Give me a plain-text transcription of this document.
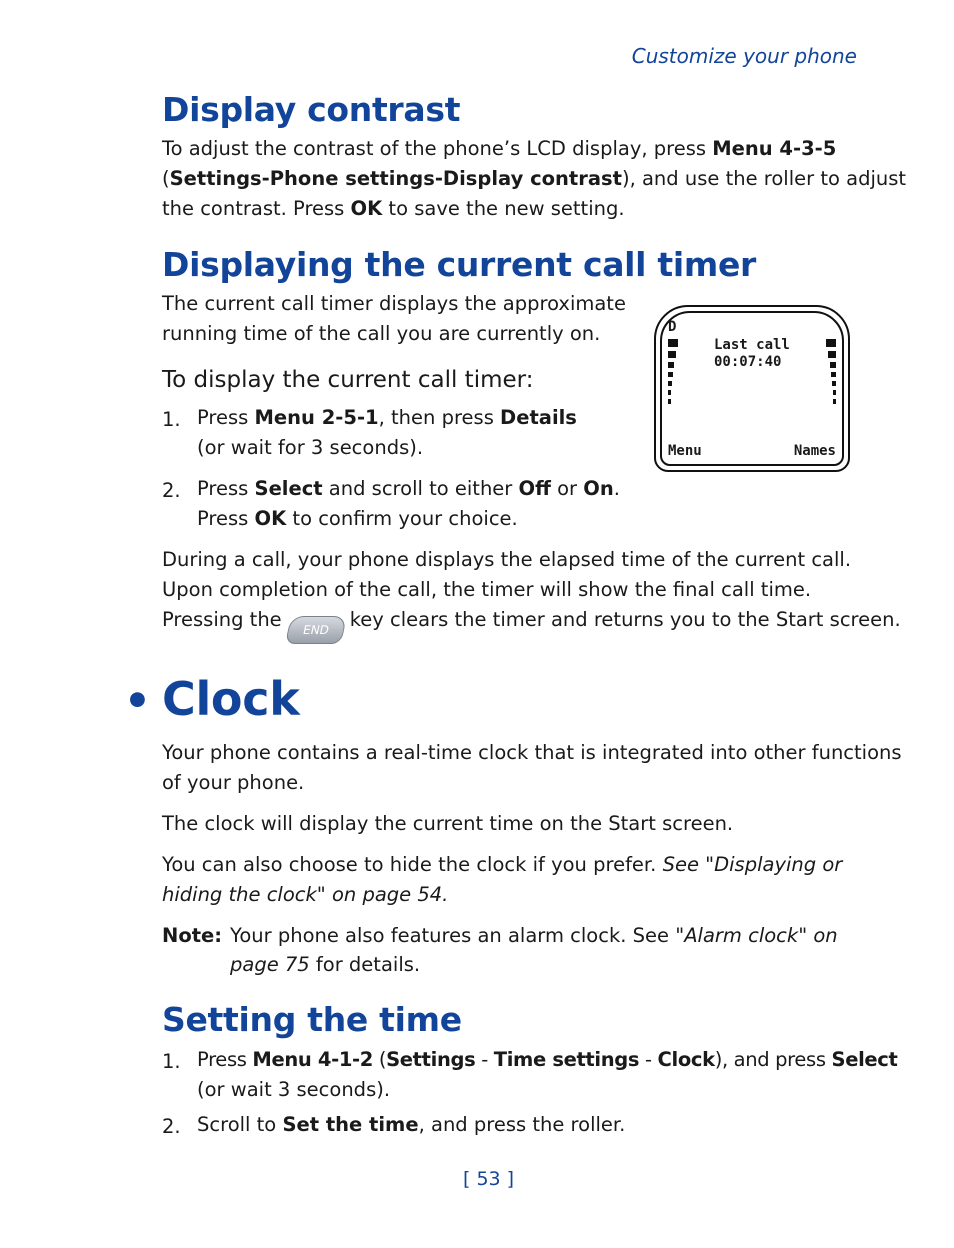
Customize your phone
Display contrast

To adjust the contrast of the phone’s LCD display, press Menu 4-3-5

(Settings-Phone settings-Display contrast), and use the roller to adjust

the contrast. Press OK to save the new setting.

Displaying the current call timer

The current call timer displays the approximate

running time of the call you are currently on.

To display the current call timer:
1. Press Menu 2-5-1, then press Details

(or wait for 3 seconds).

2. Press Select and scroll to either Off or On.

Press OK to confirm your choice.

D
Last call
00:07:40
Menu	Names

During a call, your phone displays the elapsed time of the current call.

Upon completion of the call, the timer will show the final call time.

Pressing the END key clears the timer and returns you to the Start screen.

• Clock

Your phone contains a real-time clock that is integrated into other functions

of your phone.

The clock will display the current time on the Start screen.

You can also choose to hide the clock if you prefer. See "Displaying or

hiding the clock" on page 54.

Note: Your phone also features an alarm clock. See "Alarm clock" on

page 75 for details.

Setting the time
1. Press Menu 4-1-2 (Settings - Time settings - Clock), and press Select

(or wait 3 seconds).

2. Scroll to Set the time, and press the roller.

[ 53 ]
